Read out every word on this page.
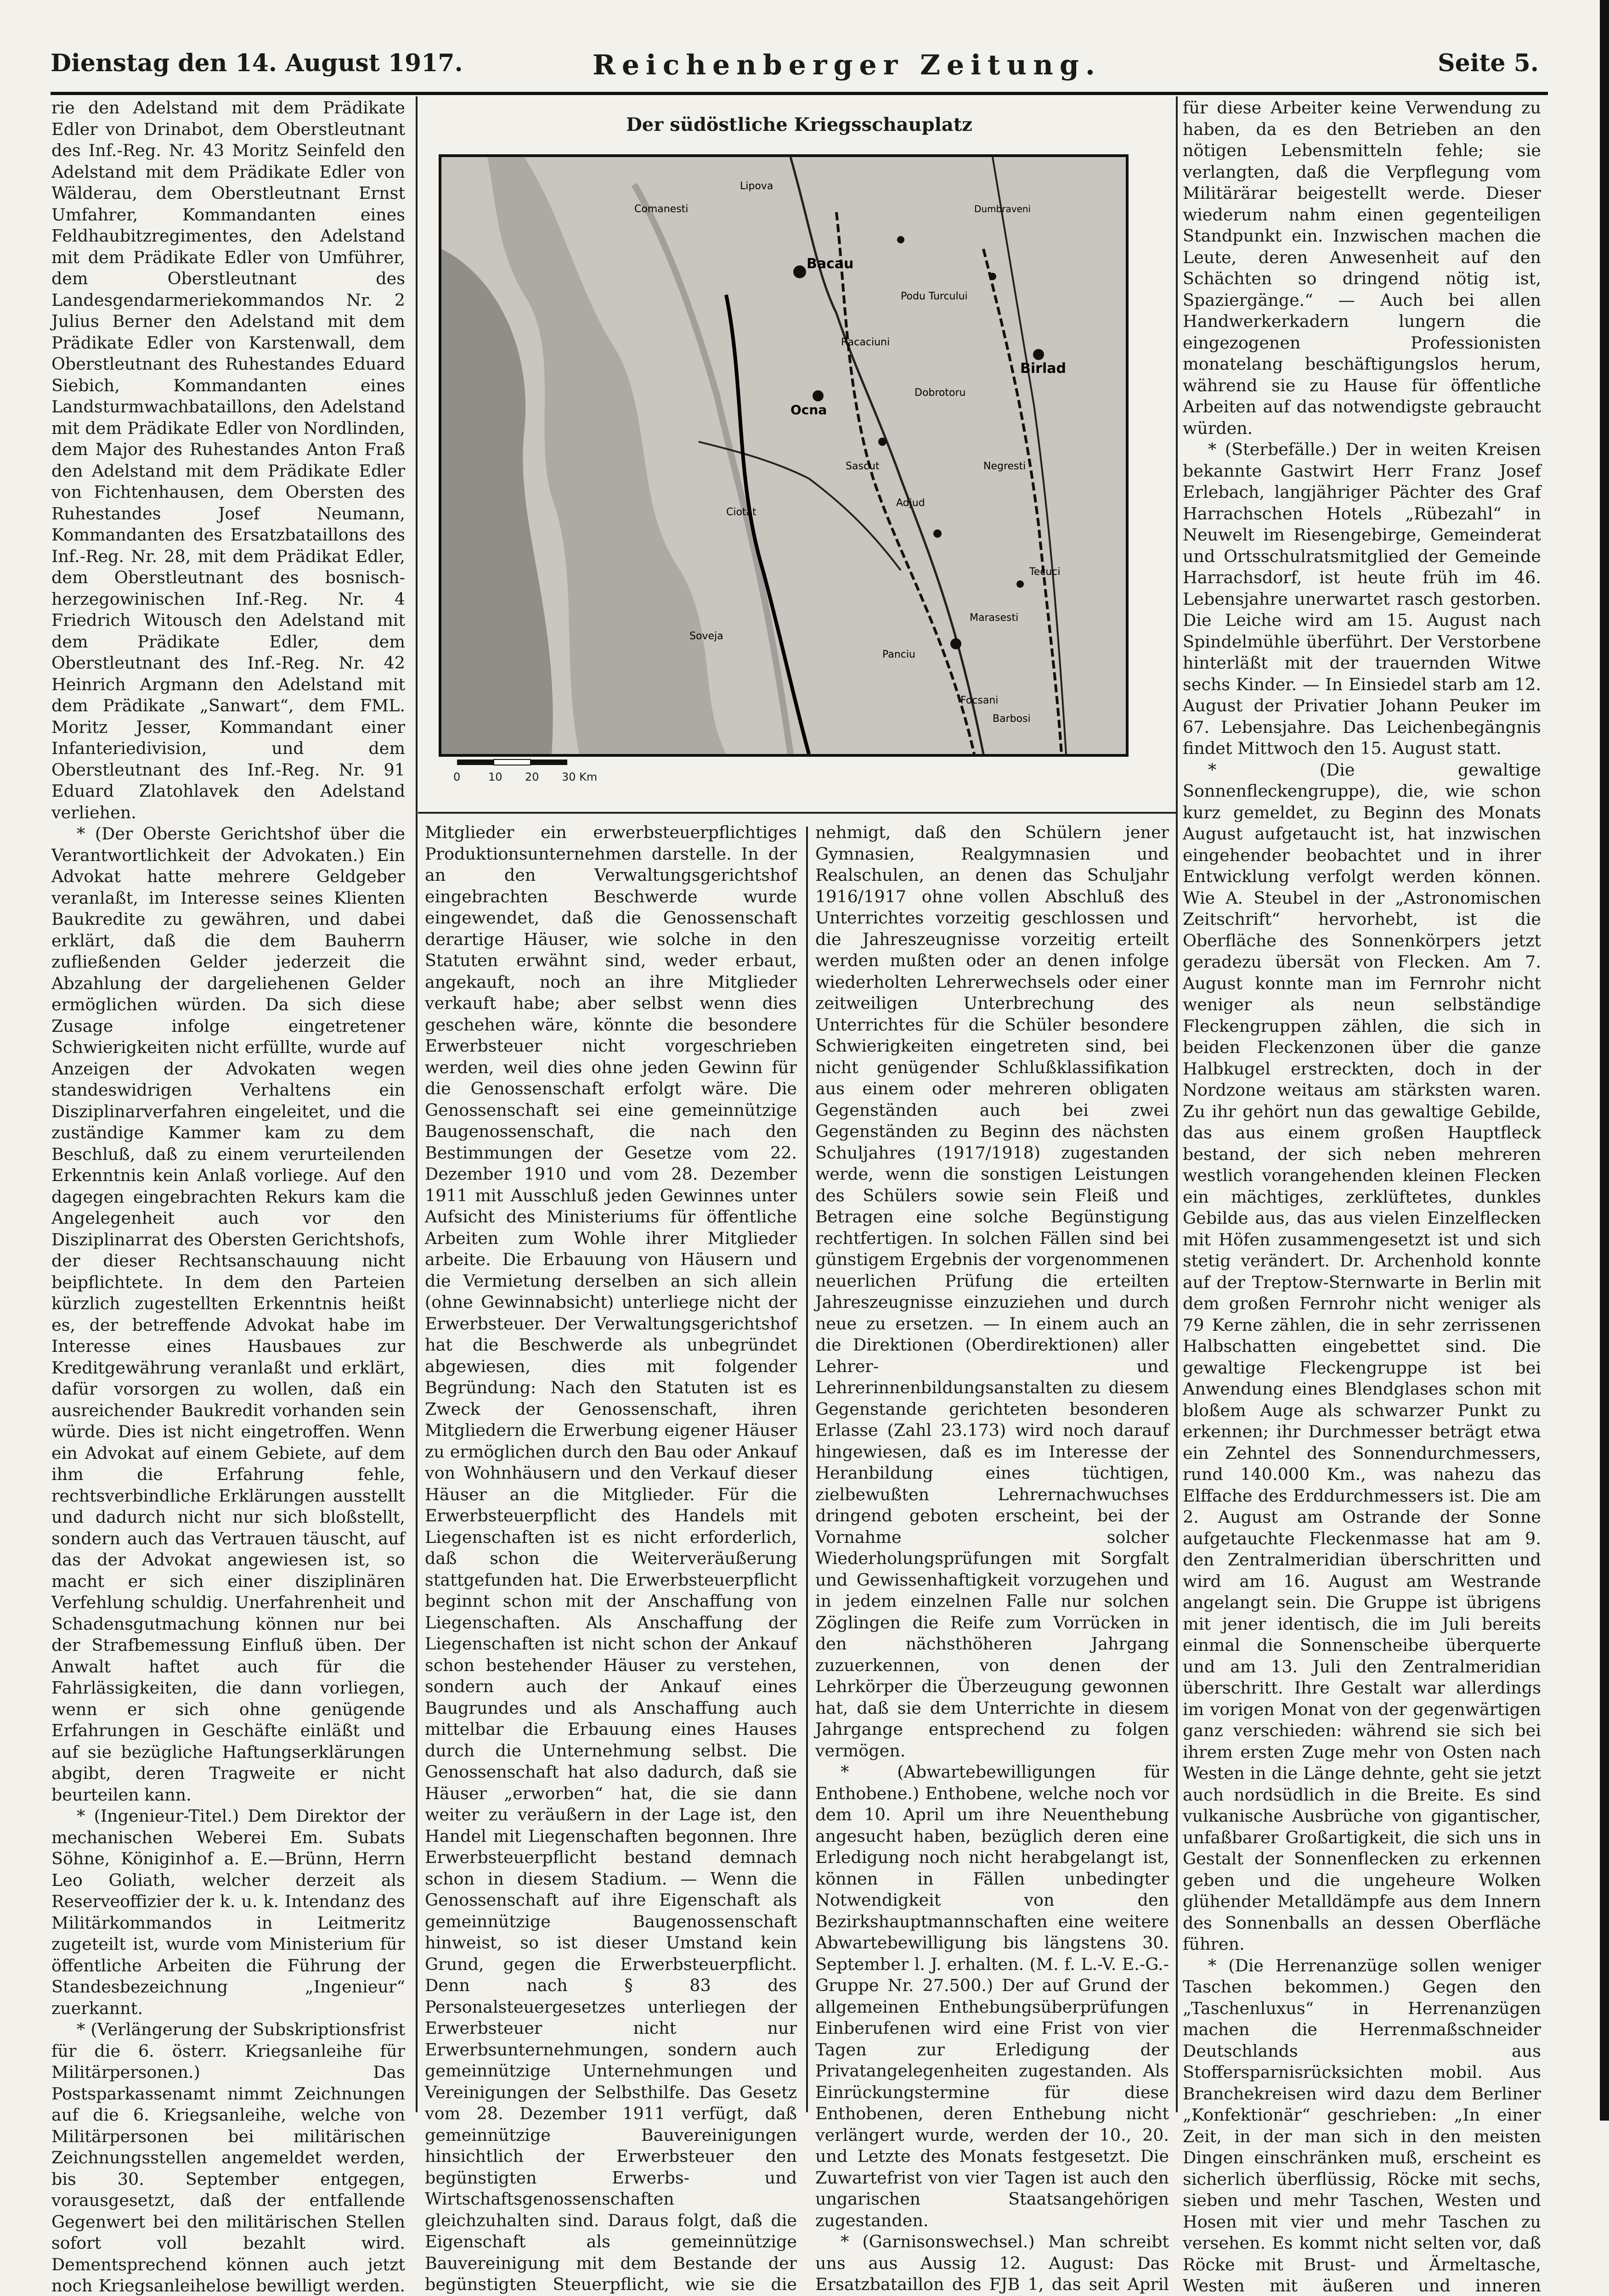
Dienstag den 14. August 1917.	Reichenberger Zeitung.	Seite 5.

rie den Adelstand mit dem Prädikate Edler von Drinabot, dem Oberstleutnant des Inf.-Reg. Nr. 43 Moritz Seinfeld den Adelstand mit dem Prädikate Edler von Wälderau, dem Oberstleutnant Ernst Umfahrer, Kommandanten eines Feldhaubitzregimentes, den Adelstand mit dem Prädikate Edler von Umführer, dem Oberstleutnant des Landesgendarmeriekommandos Nr. 2 Julius Berner den Adelstand mit dem Prädikate Edler von Karstenwall, dem Oberstleutnant des Ruhestandes Eduard Siebich, Kommandanten eines Landsturmwachbataillons, den Adelstand mit dem Prädikate Edler von Nordlinden, dem Major des Ruhestandes Anton Fraß den Adelstand mit dem Prädikate Edler von Fichtenhausen, dem Obersten des Ruhestandes Josef Neumann, Kommandanten des Ersatzbataillons des Inf.-Reg. Nr. 28, mit dem Prädikat Edler, dem Oberstleutnant des bosnisch-herzegowinischen Inf.-Reg. Nr. 4 Friedrich Witousch den Adelstand mit dem Prädikate Edler, dem Oberstleutnant des Inf.-Reg. Nr. 42 Heinrich Argmann den Adelstand mit dem Prädikate „Sanwart“, dem FML. Moritz Jesser, Kommandant einer Infanteriedivision, und dem Oberstleutnant des Inf.-Reg. Nr. 91 Eduard Zlatohlavek den Adelstand verliehen.

* (Der Oberste Gerichtshof über die Verantwortlichkeit der Advokaten.) Ein Advokat hatte mehrere Geldgeber veranlaßt, im Interesse seines Klienten Baukredite zu gewähren, und dabei erklärt, daß die dem Bauherrn zufließenden Gelder jederzeit die Abzahlung der dargeliehenen Gelder ermöglichen würden. Da sich diese Zusage infolge eingetretener Schwierigkeiten nicht erfüllte, wurde auf Anzeigen der Advokaten wegen standeswidrigen Verhaltens ein Disziplinarverfahren eingeleitet, und die zuständige Kammer kam zu dem Beschluß, daß zu einem verurteilenden Erkenntnis kein Anlaß vorliege. Auf den dagegen eingebrachten Rekurs kam die Angelegenheit auch vor den Disziplinarrat des Obersten Gerichtshofs, der dieser Rechtsanschauung nicht beipflichtete. In dem den Parteien kürzlich zugestellten Erkenntnis heißt es, der betreffende Advokat habe im Interesse eines Hausbaues zur Kreditgewährung veranlaßt und erklärt, dafür vorsorgen zu wollen, daß ein ausreichender Baukredit vorhanden sein würde. Dies ist nicht eingetroffen. Wenn ein Advokat auf einem Gebiete, auf dem ihm die Erfahrung fehle, rechtsverbindliche Erklärungen ausstellt und dadurch nicht nur sich bloßstellt, sondern auch das Vertrauen täuscht, auf das der Advokat angewiesen ist, so macht er sich einer disziplinären Verfehlung schuldig. Unerfahrenheit und Schadensgutmachung können nur bei der Strafbemessung Einfluß üben. Der Anwalt haftet auch für die Fahrlässigkeiten, die dann vorliegen, wenn er sich ohne genügende Erfahrungen in Geschäfte einläßt und auf sie bezügliche Haftungserklärungen abgibt, deren Tragweite er nicht beurteilen kann.

* (Ingenieur-Titel.) Dem Direktor der mechanischen Weberei Em. Subats Söhne, Königinhof a. E.—Brünn, Herrn Leo Goliath, welcher derzeit als Reserveoffizier der k. u. k. Intendanz des Militärkommandos in Leitmeritz zugeteilt ist, wurde vom Ministerium für öffentliche Arbeiten die Führung der Standesbezeichnung „Ingenieur“ zuerkannt.

* (Verlängerung der Subskriptionsfrist für die 6. österr. Kriegsanleihe für Militärpersonen.) Das Postsparkassenamt nimmt Zeichnungen auf die 6. Kriegsanleihe, welche von Militärpersonen bei militärischen Zeichnungsstellen angemeldet werden, bis 30. September entgegen, vorausgesetzt, daß der entfallende Gegenwert bei den militärischen Stellen sofort voll bezahlt wird. Dementsprechend können auch jetzt noch Kriegsanleihelose bewilligt werden.

Der südöstliche Kriegsschauplatz
Bacau
Ocna
Birlad
Lipova
Dumbraveni
Racaciuni
Adjud
Marasesti
Focsani
Tecuci
Panciu
Soveja
Ciotat
Comanesti
Podu Turcului
Negresti
Barbosi
Sascut
Dobrotoru
0	10 20 30 Km

Mitglieder ein erwerbsteuerpflichtiges Produktionsunternehmen darstelle. In der an den Verwaltungsgerichtshof eingebrachten Beschwerde wurde eingewendet, daß die Genossenschaft derartige Häuser, wie solche in den Statuten erwähnt sind, weder erbaut, angekauft, noch an ihre Mitglieder verkauft habe; aber selbst wenn dies geschehen wäre, könnte die besondere Erwerbsteuer nicht vorgeschrieben werden, weil dies ohne jeden Gewinn für die Genossenschaft erfolgt wäre. Die Genossenschaft sei eine gemeinnützige Baugenossenschaft, die nach den Bestimmungen der Gesetze vom 22. Dezember 1910 und vom 28. Dezember 1911 mit Ausschluß jeden Gewinnes unter Aufsicht des Ministeriums für öffentliche Arbeiten zum Wohle ihrer Mitglieder arbeite. Die Erbauung von Häusern und die Vermietung derselben an sich allein (ohne Gewinnabsicht) unterliege nicht der Erwerbsteuer. Der Verwaltungsgerichtshof hat die Beschwerde als unbegründet abgewiesen, dies mit folgender Begründung: Nach den Statuten ist es Zweck der Genossenschaft, ihren Mitgliedern die Erwerbung eigener Häuser zu ermöglichen durch den Bau oder Ankauf von Wohnhäusern und den Verkauf dieser Häuser an die Mitglieder. Für die Erwerbsteuerpflicht des Handels mit Liegenschaften ist es nicht erforderlich, daß schon die Weiterveräußerung stattgefunden hat. Die Erwerbsteuerpflicht beginnt schon mit der Anschaffung von Liegenschaften. Als Anschaffung der Liegenschaften ist nicht schon der Ankauf schon bestehender Häuser zu verstehen, sondern auch der Ankauf eines Baugrundes und als Anschaffung auch mittelbar die Erbauung eines Hauses durch die Unternehmung selbst. Die Genossenschaft hat also dadurch, daß sie Häuser „erworben“ hat, die sie dann weiter zu veräußern in der Lage ist, den Handel mit Liegenschaften begonnen. Ihre Erwerbsteuerpflicht bestand demnach schon in diesem Stadium. — Wenn die Genossenschaft auf ihre Eigenschaft als gemeinnützige Baugenossenschaft hinweist, so ist dieser Umstand kein Grund, gegen die Erwerbsteuerpflicht. Denn nach § 83 des Personalsteuergesetzes unterliegen der Erwerbsteuer nicht nur Erwerbsunternehmungen, sondern auch gemeinnützige Unternehmungen und Vereinigungen der Selbsthilfe. Das Gesetz vom 28. Dezember 1911 verfügt, daß gemeinnützige Bauvereinigungen hinsichtlich der Erwerbsteuer den begünstigten Erwerbs- und Wirtschaftsgenossenschaften gleichzuhalten sind. Daraus folgt, daß die Eigenschaft als gemeinnützige Bauvereinigung mit dem Bestande der begünstigten Steuerpflicht, wie sie die

nehmigt, daß den Schülern jener Gymnasien, Realgymnasien und Realschulen, an denen das Schuljahr 1916/1917 ohne vollen Abschluß des Unterrichtes vorzeitig geschlossen und die Jahreszeugnisse vorzeitig erteilt werden mußten oder an denen infolge wiederholten Lehrerwechsels oder einer zeitweiligen Unterbrechung des Unterrichtes für die Schüler besondere Schwierigkeiten eingetreten sind, bei nicht genügender Schlußklassifikation aus einem oder mehreren obligaten Gegenständen auch bei zwei Gegenständen zu Beginn des nächsten Schuljahres (1917/1918) zugestanden werde, wenn die sonstigen Leistungen des Schülers sowie sein Fleiß und Betragen eine solche Begünstigung rechtfertigen. In solchen Fällen sind bei günstigem Ergebnis der vorgenommenen neuerlichen Prüfung die erteilten Jahreszeugnisse einzuziehen und durch neue zu ersetzen. — In einem auch an die Direktionen (Oberdirektionen) aller Lehrer- und Lehrerinnenbildungsanstalten zu diesem Gegenstande gerichteten besonderen Erlasse (Zahl 23.173) wird noch darauf hingewiesen, daß es im Interesse der Heranbildung eines tüchtigen, zielbewußten Lehrernachwuchses dringend geboten erscheint, bei der Vornahme solcher Wiederholungsprüfungen mit Sorgfalt und Gewissenhaftigkeit vorzugehen und in jedem einzelnen Falle nur solchen Zöglingen die Reife zum Vorrücken in den nächsthöheren Jahrgang zuzuerkennen, von denen der Lehrkörper die Überzeugung gewonnen hat, daß sie dem Unterrichte in diesem Jahrgange entsprechend zu folgen vermögen.

* (Abwartebewilligungen für Enthobene.) Enthobene, welche noch vor dem 10. April um ihre Neuenthebung angesucht haben, bezüglich deren eine Erledigung noch nicht herabgelangt ist, können in Fällen unbedingter Notwendigkeit von den Bezirkshauptmannschaften eine weitere Abwartebewilligung bis längstens 30. September l. J. erhalten. (M. f. L.-V. E.-G.-Gruppe Nr. 27.500.) Der auf Grund der allgemeinen Enthebungsüberprüfungen Einberufenen wird eine Frist von vier Tagen zur Erledigung der Privatangelegenheiten zugestanden. Als Einrückungstermine für diese Enthobenen, deren Enthebung nicht verlängert wurde, werden der 10., 20. und Letzte des Monats festgesetzt. Die Zuwartefrist von vier Tagen ist auch den ungarischen Staatsangehörigen zugestanden.

* (Garnisonswechsel.) Man schreibt uns aus Aussig 12. August: Das Ersatzbataillon des FJB 1, das seit April

für diese Arbeiter keine Verwendung zu haben, da es den Betrieben an den nötigen Lebensmitteln fehle; sie verlangten, daß die Verpflegung vom Militärärar beigestellt werde. Dieser wiederum nahm einen gegenteiligen Standpunkt ein. Inzwischen machen die Leute, deren Anwesenheit auf den Schächten so dringend nötig ist, Spaziergänge.“ — Auch bei allen Handwerkerkadern lungern die eingezogenen Professionisten monatelang beschäftigungslos herum, während sie zu Hause für öffentliche Arbeiten auf das notwendigste gebraucht würden.

* (Sterbefälle.) Der in weiten Kreisen bekannte Gastwirt Herr Franz Josef Erlebach, langjähriger Pächter des Graf Harrachschen Hotels „Rübezahl“ in Neuwelt im Riesengebirge, Gemeinderat und Ortsschulratsmitglied der Gemeinde Harrachsdorf, ist heute früh im 46. Lebensjahre unerwartet rasch gestorben. Die Leiche wird am 15. August nach Spindelmühle überführt. Der Verstorbene hinterläßt mit der trauernden Witwe sechs Kinder. — In Einsiedel starb am 12. August der Privatier Johann Peuker im 67. Lebensjahre. Das Leichenbegängnis findet Mittwoch den 15. August statt.

* (Die gewaltige Sonnenfleckengruppe), die, wie schon kurz gemeldet, zu Beginn des Monats August aufgetaucht ist, hat inzwischen eingehender beobachtet und in ihrer Entwicklung verfolgt werden können. Wie A. Steubel in der „Astronomischen Zeitschrift“ hervorhebt, ist die Oberfläche des Sonnenkörpers jetzt geradezu übersät von Flecken. Am 7. August konnte man im Fernrohr nicht weniger als neun selbständige Fleckengruppen zählen, die sich in beiden Fleckenzonen über die ganze Halbkugel erstreckten, doch in der Nordzone weitaus am stärksten waren. Zu ihr gehört nun das gewaltige Gebilde, das aus einem großen Hauptfleck bestand, der sich neben mehreren westlich vorangehenden kleinen Flecken ein mächtiges, zerklüftetes, dunkles Gebilde aus, das aus vielen Einzelflecken mit Höfen zusammengesetzt ist und sich stetig verändert. Dr. Archenhold konnte auf der Treptow-Sternwarte in Berlin mit dem großen Fernrohr nicht weniger als 79 Kerne zählen, die in sehr zerrissenen Halbschatten eingebettet sind. Die gewaltige Fleckengruppe ist bei Anwendung eines Blendglases schon mit bloßem Auge als schwarzer Punkt zu erkennen; ihr Durchmesser beträgt etwa ein Zehntel des Sonnendurchmessers, rund 140.000 Km., was nahezu das Elffache des Erddurchmessers ist. Die am 2. August am Ostrande der Sonne aufgetauchte Fleckenmasse hat am 9. den Zentralmeridian überschritten und wird am 16. August am Westrande angelangt sein. Die Gruppe ist übrigens mit jener identisch, die im Juli bereits einmal die Sonnenscheibe überquerte und am 13. Juli den Zentralmeridian überschritt. Ihre Gestalt war allerdings im vorigen Monat von der gegenwärtigen ganz verschieden: während sie sich bei ihrem ersten Zuge mehr von Osten nach Westen in die Länge dehnte, geht sie jetzt auch nordsüdlich in die Breite. Es sind vulkanische Ausbrüche von gigantischer, unfaßbarer Großartigkeit, die sich uns in Gestalt der Sonnenflecken zu erkennen geben und die ungeheure Wolken glühender Metalldämpfe aus dem Innern des Sonnenballs an dessen Oberfläche führen.

* (Die Herrenanzüge sollen weniger Taschen bekommen.) Gegen den „Taschenluxus“ in Herrenanzügen machen die Herrenmaßschneider Deutschlands aus Stoffersparnisrücksichten mobil. Aus Branchekreisen wird dazu dem Berliner „Konfektionär“ geschrieben: „In einer Zeit, in der man sich in den meisten Dingen einschränken muß, erscheint es sicherlich überflüssig, Röcke mit sechs, sieben und mehr Taschen, Westen und Hosen mit vier und mehr Taschen zu versehen. Es kommt nicht selten vor, daß Röcke mit Brust- und Ärmeltasche, Westen mit äußeren und inneren
